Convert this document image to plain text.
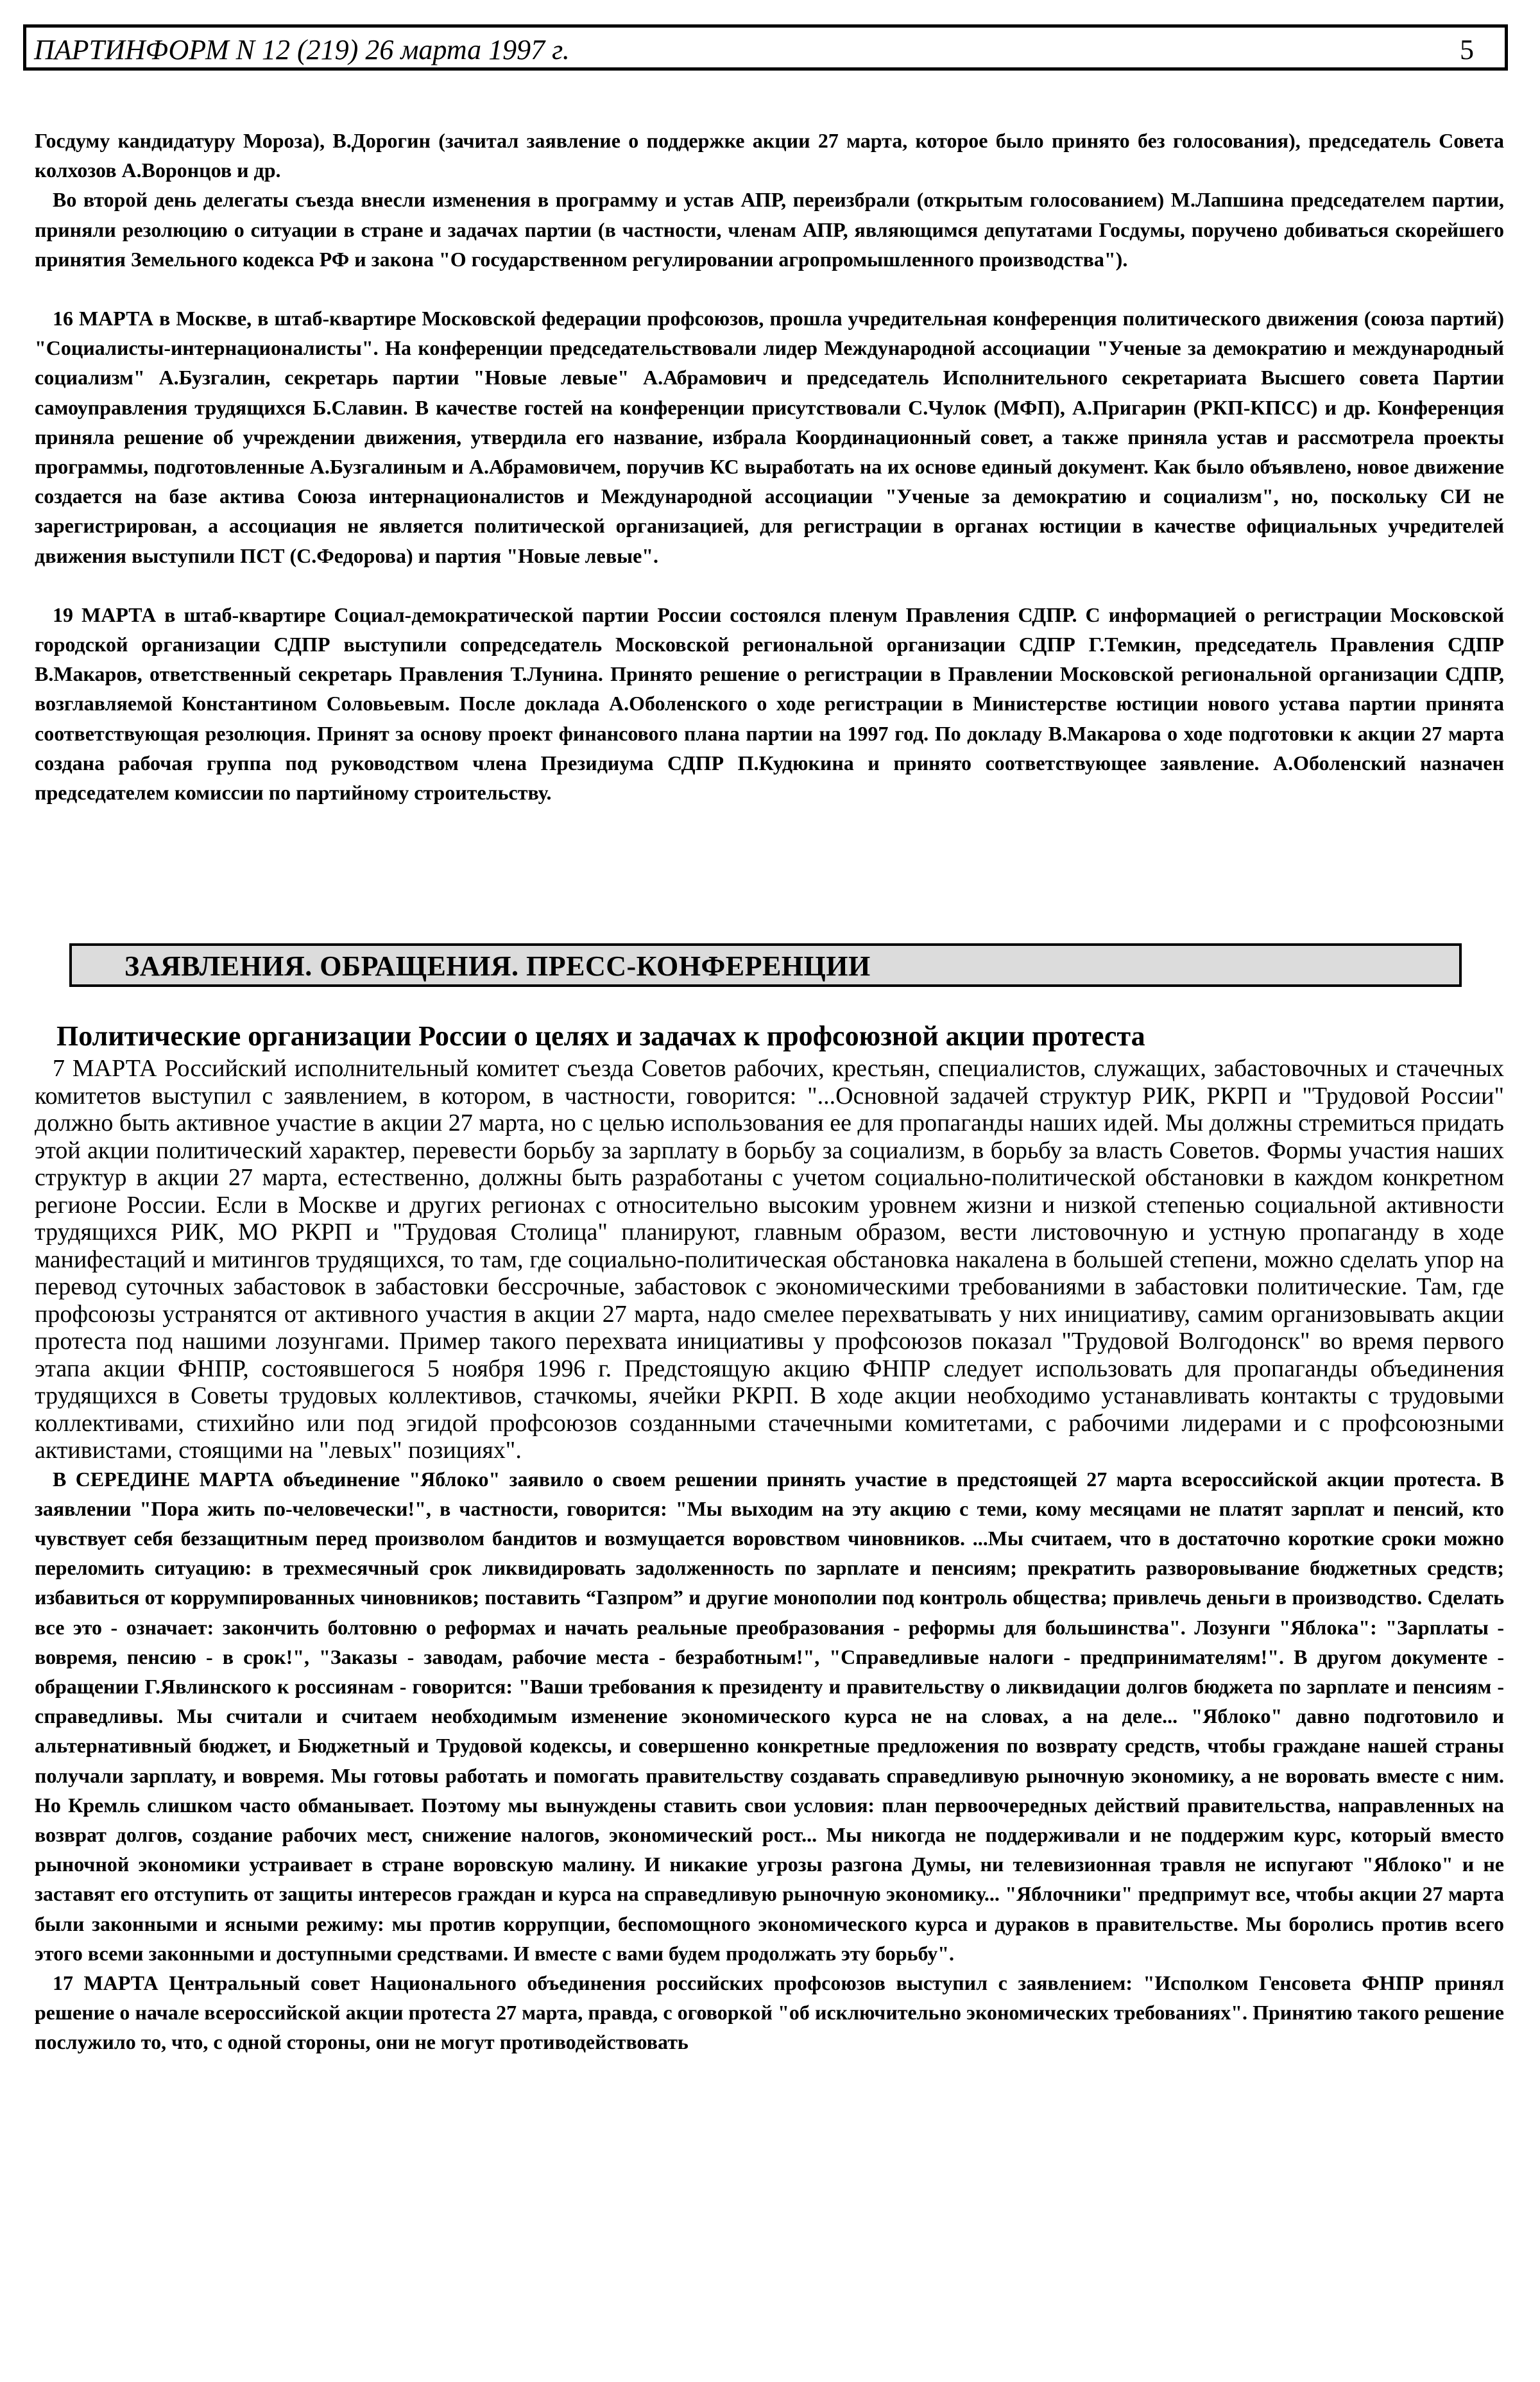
ПАРТИНФОРМ N 12 (219) 26 марта 1997 г.	5

Госдуму кандидатуру Мороза), В.Дорогин (зачитал заявление о поддержке акции 27 марта, которое было принято без голосования), председатель Совета колхозов А.Воронцов и др.

Во второй день делегаты съезда внесли изменения в программу и устав АПР, переизбрали (открытым голосованием) М.Лапшина председателем партии, приняли резолюцию о ситуации в стране и задачах партии (в частности, членам АПР, являющимся депутатами Госдумы, поручено добиваться скорейшего принятия Земельного кодекса РФ и закона "О государственном регулировании агропромышленного производства").

16 МАРТА в Москве, в штаб-квартире Московской федерации профсоюзов, прошла учредительная конференция политического движения (союза партий) "Социалисты-интернационалисты". На конференции председательствовали лидер Международной ассоциации "Ученые за демократию и международный социализм" А.Бузгалин, секретарь партии "Новые левые" А.Абрамович и председатель Исполнительного секретариата Высшего совета Партии самоуправления трудящихся Б.Славин. В качестве гостей на конференции присутствовали С.Чулок (МФП), А.Пригарин (РКП-КПСС) и др. Конференция приняла решение об учреждении движения, утвердила его название, избрала Координационный совет, а также приняла устав и рассмотрела проекты программы, подготовленные А.Бузгалиным и А.Абрамовичем, поручив КС выработать на их основе единый документ. Как было объявлено, новое движение создается на базе актива Союза интернационалистов и Международной ассоциации "Ученые за демократию и социализм", но, поскольку СИ не зарегистрирован, а ассоциация не является политической организацией, для регистрации в органах юстиции в качестве официальных учредителей движения выступили ПСТ (С.Федорова) и партия "Новые левые".

19 МАРТА в штаб-квартире Социал-демократической партии России состоялся пленум Правления СДПР. С информацией о регистрации Московской городской организации СДПР выступили сопредседатель Московской региональной организации СДПР Г.Темкин, председатель Правления СДПР В.Макаров, ответственный секретарь Правления Т.Лунина. Принято решение о регистрации в Правлении Московской региональной организации СДПР, возглавляемой Константином Соловьевым. После доклада А.Оболенского о ходе регистрации в Министерстве юстиции нового устава партии принята соответствующая резолюция. Принят за основу проект финансового плана партии на 1997 год. По докладу В.Макарова о ходе подготовки к акции 27 марта создана рабочая группа под руководством члена Президиума СДПР П.Кудюкина и принято соответствующее заявление. А.Оболенский назначен председателем комиссии по партийному строительству.

ЗАЯВЛЕНИЯ. ОБРАЩЕНИЯ. ПРЕСС-КОНФЕРЕНЦИИ
Политические организации России о целях и задачах к профсоюзной акции протеста

7 МАРТА Российский исполнительный комитет съезда Советов рабочих, крестьян, специалистов, служащих, забастовочных и стачечных комитетов выступил с заявлением, в котором, в частности, говорится: "...Основной задачей структур РИК, РКРП и "Трудовой России" должно быть активное участие в акции 27 марта, но с целью использования ее для пропаганды наших идей. Мы должны стремиться придать этой акции политический характер, перевести борьбу за зарплату в борьбу за социализм, в борьбу за власть Советов. Формы участия наших структур в акции 27 марта, естественно, должны быть разработаны с учетом социально-политической обстановки в каждом конкретном регионе России. Если в Москве и других регионах с относительно высоким уровнем жизни и низкой степенью социальной активности трудящихся РИК, МО РКРП и "Трудовая Столица" планируют, главным образом, вести листовочную и устную пропаганду в ходе манифестаций и митингов трудящихся, то там, где социально-политическая обстановка накалена в большей степени, можно сделать упор на перевод суточных забастовок в забастовки бессрочные, забастовок с экономическими требованиями в забастовки политические. Там, где профсоюзы устранятся от активного участия в акции 27 марта, надо смелее перехватывать у них инициативу, самим организовывать акции протеста под нашими лозунгами. Пример такого перехвата инициативы у профсоюзов показал "Трудовой Волгодонск" во время первого этапа акции ФНПР, состоявшегося 5 ноября 1996 г. Предстоящую акцию ФНПР следует использовать для пропаганды объединения трудящихся в Советы трудовых коллективов, стачкомы, ячейки РКРП. В ходе акции необходимо устанавливать контакты с трудовыми коллективами, стихийно или под эгидой профсоюзов созданными стачечными комитетами, с рабочими лидерами и с профсоюзными активистами, стоящими на "левых" позициях".

В СЕРЕДИНЕ МАРТА объединение "Яблоко" заявило о своем решении принять участие в предстоящей 27 марта всероссийской акции протеста. В заявлении "Пора жить по-человечески!", в частности, говорится: "Мы выходим на эту акцию с теми, кому месяцами не платят зарплат и пенсий, кто чувствует себя беззащитным перед произволом бандитов и возмущается воровством чиновников. ...Мы считаем, что в достаточно короткие сроки можно переломить ситуацию: в трехмесячный срок ликвидировать задолженность по зарплате и пенсиям; прекратить разворовывание бюджетных средств; избавиться от коррумпированных чиновников; поставить “Газпром” и другие монополии под контроль общества; привлечь деньги в производство. Сделать все это - означает: закончить болтовню о реформах и начать реальные преобразования - реформы для большинства". Лозунги "Яблока": "Зарплаты - вовремя, пенсию - в срок!", "Заказы - заводам, рабочие места - безработным!", "Справедливые налоги - предпринимателям!". В другом документе - обращении Г.Явлинского к россиянам - говорится: "Ваши требования к президенту и правительству о ликвидации долгов бюджета по зарплате и пенсиям - справедливы. Мы считали и считаем необходимым изменение экономического курса не на словах, а на деле... "Яблоко" давно подготовило и альтернативный бюджет, и Бюджетный и Трудовой кодексы, и совершенно конкретные предложения по возврату средств, чтобы граждане нашей страны получали зарплату, и вовремя. Мы готовы работать и помогать правительству создавать справедливую рыночную экономику, а не воровать вместе с ним. Но Кремль слишком часто обманывает. Поэтому мы вынуждены ставить свои условия: план первоочередных действий правительства, направленных на возврат долгов, создание рабочих мест, снижение налогов, экономический рост... Мы никогда не поддерживали и не поддержим курс, который вместо рыночной экономики устраивает в стране воровскую малину. И никакие угрозы разгона Думы, ни телевизионная травля не испугают "Яблоко" и не заставят его отступить от защиты интересов граждан и курса на справедливую рыночную экономику... "Яблочники" предпримут все, чтобы акции 27 марта были законными и ясными режиму: мы против коррупции, беспомощного экономического курса и дураков в правительстве. Мы боролись против всего этого всеми законными и доступными средствами. И вместе с вами будем продолжать эту борьбу".

17 МАРТА Центральный совет Национального объединения российских профсоюзов выступил с заявлением: "Исполком Генсовета ФНПР принял решение о начале всероссийской акции протеста 27 марта, правда, с оговоркой "об исключительно экономических требованиях". Принятию такого решение послужило то, что, с одной стороны, они не могут противодействовать
